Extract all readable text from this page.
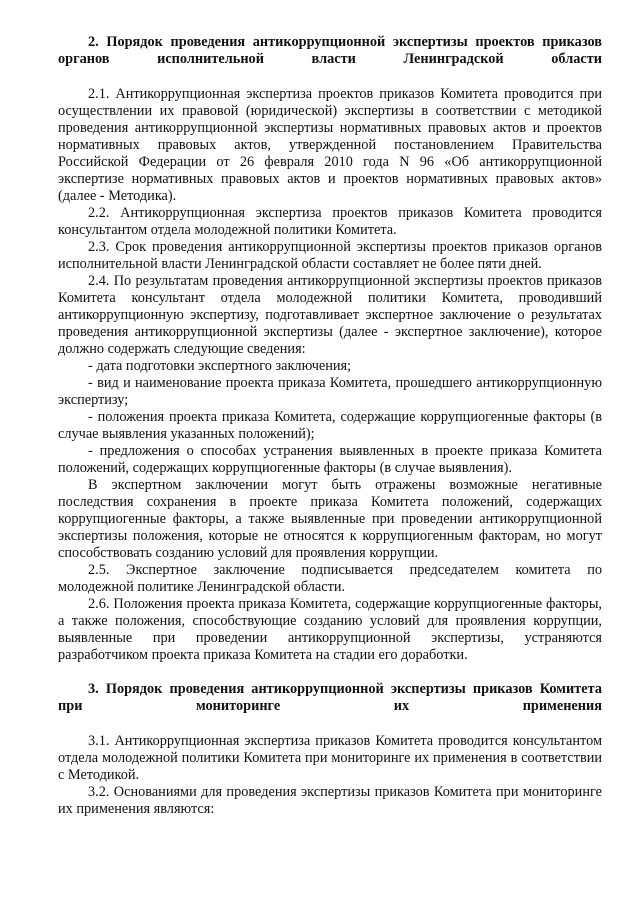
2. Порядок проведения антикоррупционной экспертизы проектов приказов органов исполнительной власти Ленинградской области

2.1. Антикоррупционная экспертиза проектов приказов Комитета проводится при осуществлении их правовой (юридической) экспертизы в соответствии с методикой проведения антикоррупционной экспертизы нормативных правовых актов и проектов нормативных правовых актов, утвержденной постановлением Правительства Российской Федерации от 26 февраля 2010 года N 96 «Об антикоррупционной экспертизе нормативных правовых актов и проектов нормативных правовых актов» (далее - Методика).

2.2. Антикоррупционная экспертиза проектов приказов Комитета проводится консультантом отдела молодежной политики Комитета.

2.3. Срок проведения антикоррупционной экспертизы проектов приказов органов исполнительной власти Ленинградской области составляет не более пяти дней.

2.4. По результатам проведения антикоррупционной экспертизы проектов приказов Комитета консультант отдела молодежной политики Комитета, проводивший антикоррупционную экспертизу, подготавливает экспертное заключение о результатах проведения антикоррупционной экспертизы (далее - экспертное заключение), которое должно содержать следующие сведения:

- дата подготовки экспертного заключения;

- вид и наименование проекта приказа Комитета, прошедшего антикоррупционную экспертизу;

- положения проекта приказа Комитета, содержащие коррупциогенные факторы (в случае выявления указанных положений);

- предложения о способах устранения выявленных в проекте приказа Комитета положений, содержащих коррупциогенные факторы (в случае выявления).

В экспертном заключении могут быть отражены возможные негативные последствия сохранения в проекте приказа Комитета положений, содержащих коррупциогенные факторы, а также выявленные при проведении антикоррупционной экспертизы положения, которые не относятся к коррупциогенным факторам, но могут способствовать созданию условий для проявления коррупции.

2.5. Экспертное заключение подписывается председателем комитета по молодежной политике Ленинградской области.

2.6. Положения проекта приказа Комитета, содержащие коррупциогенные факторы, а также положения, способствующие созданию условий для проявления коррупции, выявленные при проведении антикоррупционной экспертизы, устраняются разработчиком проекта приказа Комитета на стадии его доработки.

3. Порядок проведения антикоррупционной экспертизы приказов Комитета при мониторинге их применения

3.1. Антикоррупционная экспертиза приказов Комитета проводится консультантом отдела молодежной политики Комитета при мониторинге их применения в соответствии с Методикой.

3.2. Основаниями для проведения экспертизы приказов Комитета при мониторинге их применения являются:
